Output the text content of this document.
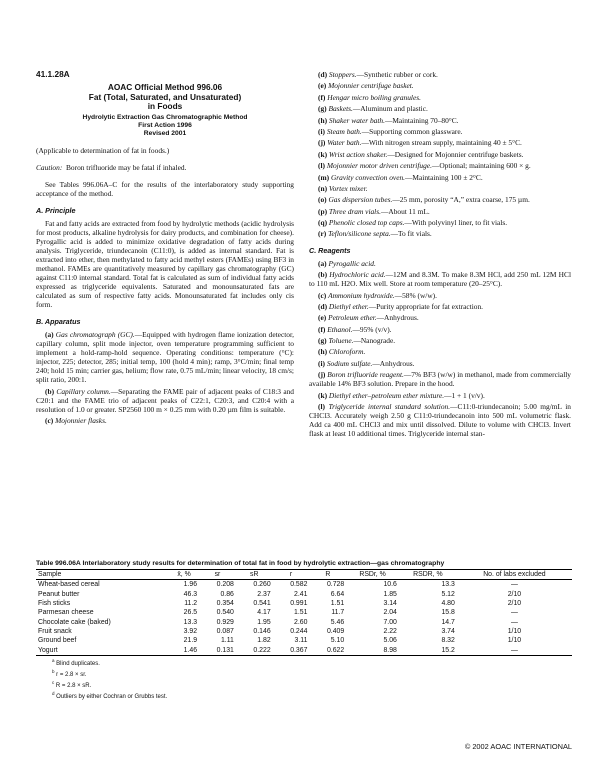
41.1.28A
AOAC Official Method 996.06
Fat (Total, Saturated, and Unsaturated)
in Foods
Hydrolytic Extraction Gas Chromatographic Method
First Action 1996
Revised 2001

(Applicable to determination of fat in foods.)

Caution: Boron trifluoride may be fatal if inhaled.

See Tables 996.06A–C for the results of the interlaboratory study supporting acceptance of the method.

A. Principle

Fat and fatty acids are extracted from food by hydrolytic methods (acidic hydrolysis for most products, alkaline hydrolysis for dairy products, and combination for cheese). Pyrogallic acid is added to minimize oxidative degradation of fatty acids during analysis. Triglyceride, triundecanoin (C11:0), is added as internal standard. Fat is extracted into ether, then methylated to fatty acid methyl esters (FAMEs) using BF3 in methanol. FAMEs are quantitatively measured by capillary gas chromatography (GC) against C11:0 internal standard. Total fat is calculated as sum of individual fatty acids expressed as triglyceride equivalents. Saturated and monounsaturated fats are calculated as sum of respective fatty acids. Monounsaturated fat includes only cis form.

B. Apparatus

(a) Gas chromatograph (GC).—Equipped with hydrogen flame ionization detector, capillary column, split mode injector, oven temperature programming sufficient to implement a hold-ramp-hold sequence. Operating conditions: temperature (°C): injector, 225; detector, 285; initial temp, 100 (hold 4 min); ramp, 3°C/min; final temp 240; hold 15 min; carrier gas, helium; flow rate, 0.75 mL/min; linear velocity, 18 cm/s; split ratio, 200:1.

(b) Capillary column.—Separating the FAME pair of adjacent peaks of C18:3 and C20:1 and the FAME trio of adjacent peaks of C22:1, C20:3, and C20:4 with a resolution of 1.0 or greater. SP2560 100 m × 0.25 mm with 0.20 µm film is suitable.

(c) Mojonnier flasks.

(d) Stoppers.—Synthetic rubber or cork.

(e) Mojonnier centrifuge basket.

(f) Hengar micro boiling granules.

(g) Baskets.—Aluminum and plastic.

(h) Shaker water bath.—Maintaining 70–80°C.

(i) Steam bath.—Supporting common glassware.

(j) Water bath.—With nitrogen stream supply, maintaining 40 ± 5°C.

(k) Wrist action shaker.—Designed for Mojonnier centrifuge baskets.

(l) Mojonnier motor driven centrifuge.—Optional; maintaining 600 × g.

(m) Gravity convection oven.—Maintaining 100 ± 2°C.

(n) Vortex mixer.

(o) Gas dispersion tubes.—25 mm, porosity “A,” extra coarse, 175 µm.

(p) Three dram vials.—About 11 mL.

(q) Phenolic closed top caps.—With polyvinyl liner, to fit vials.

(r) Teflon/silicone septa.—To fit vials.

C. Reagents

(a) Pyrogallic acid.

(b) Hydrochloric acid.—12M and 8.3M. To make 8.3M HCl, add 250 mL 12M HCl to 110 mL H2O. Mix well. Store at room temperature (20–25°C).

(c) Ammonium hydroxide.—58% (w/w).

(d) Diethyl ether.—Purity appropriate for fat extraction.

(e) Petroleum ether.—Anhydrous.

(f) Ethanol.—95% (v/v).

(g) Toluene.—Nanograde.

(h) Chloroform.

(i) Sodium sulfate.—Anhydrous.

(j) Boron trifluoride reagent.—7% BF3 (w/w) in methanol, made from commercially available 14% BF3 solution. Prepare in the hood.

(k) Diethyl ether–petroleum ether mixture.—1 + 1 (v/v).

(l) Triglyceride internal standard solution.—C11:0-triundecanoin; 5.00 mg/mL in CHCl3. Accurately weigh 2.50 g C11:0-triundecanoin into 500 mL volumetric flask. Add ca 400 mL CHCl3 and mix until dissolved. Dilute to volume with CHCl3. Invert flask at least 10 additional times. Triglyceride internal stan-

Table 996.06A Interlaboratory study results for determination of total fat in food by hydrolytic extraction—gas chromatography
Sample	x̄, %	sr	sR	r	R	RSDr, %	RSDR, %	No. of labs excluded
Wheat-based cereal	1.96	0.208	0.260	0.582	0.728	10.6	13.3	—
Peanut butter	46.3	0.86	2.37	2.41	6.64	1.85	5.12	2/10
Fish sticks	11.2	0.354	0.541	0.991	1.51	3.14	4.80	2/10
Parmesan cheese	26.5	0.540	4.17	1.51	11.7	2.04	15.8	—
Chocolate cake (baked)	13.3	0.929	1.95	2.60	5.46	7.00	14.7	—
Fruit snack	3.92	0.087	0.146	0.244	0.409	2.22	3.74	1/10
Ground beef	21.9	1.11	1.82	3.11	5.10	5.06	8.32	1/10
Yogurt	1.46	0.131	0.222	0.367	0.622	8.98	15.2	—
$^a$ Blind duplicates.
$^b$ r = 2.8 × sr.
$^c$ R = 2.8 × sR.
$^d$ Outliers by either Cochran or Grubbs test.
© 2002 AOAC INTERNATIONAL
